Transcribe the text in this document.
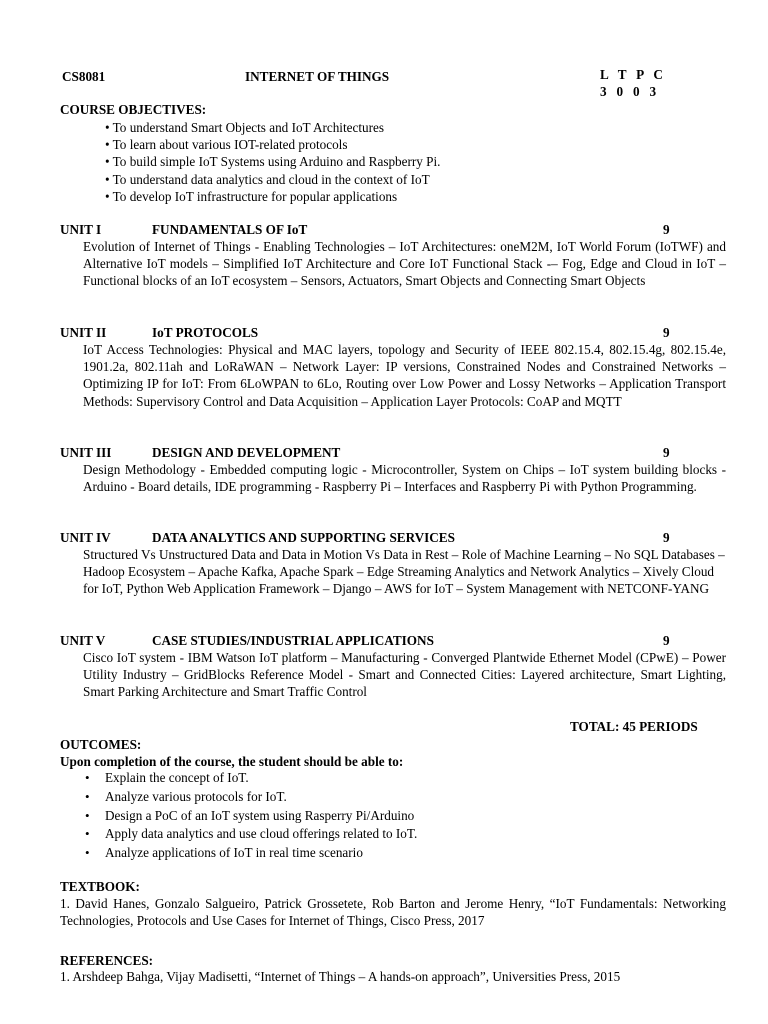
CS8081	INTERNET OF THINGS	L   T   P   C
3   0   0   3
COURSE OBJECTIVES:
• To understand Smart Objects and IoT Architectures
• To learn about various IOT-related protocols
• To build simple IoT Systems using Arduino and Raspberry Pi.
• To understand data analytics and cloud in the context of IoT
• To develop IoT infrastructure for popular applications
UNIT I	FUNDAMENTALS OF IoT	9
Evolution of Internet of Things - Enabling Technologies – IoT Architectures: oneM2M, IoT World Forum (IoTWF) and Alternative IoT models – Simplified IoT Architecture and Core IoT Functional Stack -– Fog, Edge and Cloud in IoT – Functional blocks of an IoT ecosystem – Sensors, Actuators, Smart Objects and Connecting Smart Objects
UNIT II	IoT PROTOCOLS	9
IoT Access Technologies: Physical and MAC layers, topology and Security of IEEE 802.15.4, 802.15.4g, 802.15.4e, 1901.2a, 802.11ah and LoRaWAN – Network Layer: IP versions, Constrained Nodes and Constrained Networks – Optimizing IP for IoT: From 6LoWPAN to 6Lo, Routing over Low Power and Lossy Networks – Application Transport Methods: Supervisory Control and Data Acquisition – Application Layer Protocols: CoAP and MQTT
UNIT III	DESIGN AND DEVELOPMENT	9
Design Methodology - Embedded computing logic - Microcontroller, System on Chips – IoT system building blocks - Arduino - Board details, IDE programming - Raspberry Pi – Interfaces and Raspberry Pi with Python Programming.
UNIT IV	DATA ANALYTICS AND SUPPORTING SERVICES	9
Structured Vs Unstructured Data and Data in Motion Vs Data in Rest – Role of Machine Learning – No SQL Databases – Hadoop Ecosystem – Apache Kafka, Apache Spark – Edge Streaming Analytics and Network Analytics – Xively Cloud for IoT, Python Web Application Framework – Django – AWS for IoT – System Management with NETCONF-YANG
UNIT V	CASE STUDIES/INDUSTRIAL APPLICATIONS	9
Cisco IoT system - IBM Watson IoT platform – Manufacturing - Converged Plantwide Ethernet Model (CPwE) – Power Utility Industry – GridBlocks Reference Model - Smart and Connected Cities: Layered architecture, Smart Lighting, Smart Parking Architecture and Smart Traffic Control
TOTAL: 45 PERIODS
OUTCOMES:
Upon completion of the course, the student should be able to:
• Explain the concept of IoT.
• Analyze various protocols for IoT.
• Design a PoC of an IoT system using Rasperry Pi/Arduino
• Apply data analytics and use cloud offerings related to IoT.
• Analyze applications of IoT in real time scenario
TEXTBOOK:
1. David Hanes, Gonzalo Salgueiro, Patrick Grossetete, Rob Barton and Jerome Henry, “IoT Fundamentals: Networking Technologies, Protocols and Use Cases for Internet of Things, Cisco Press, 2017
REFERENCES:
1. Arshdeep Bahga, Vijay Madisetti, “Internet of Things – A hands-on approach”, Universities Press, 2015
